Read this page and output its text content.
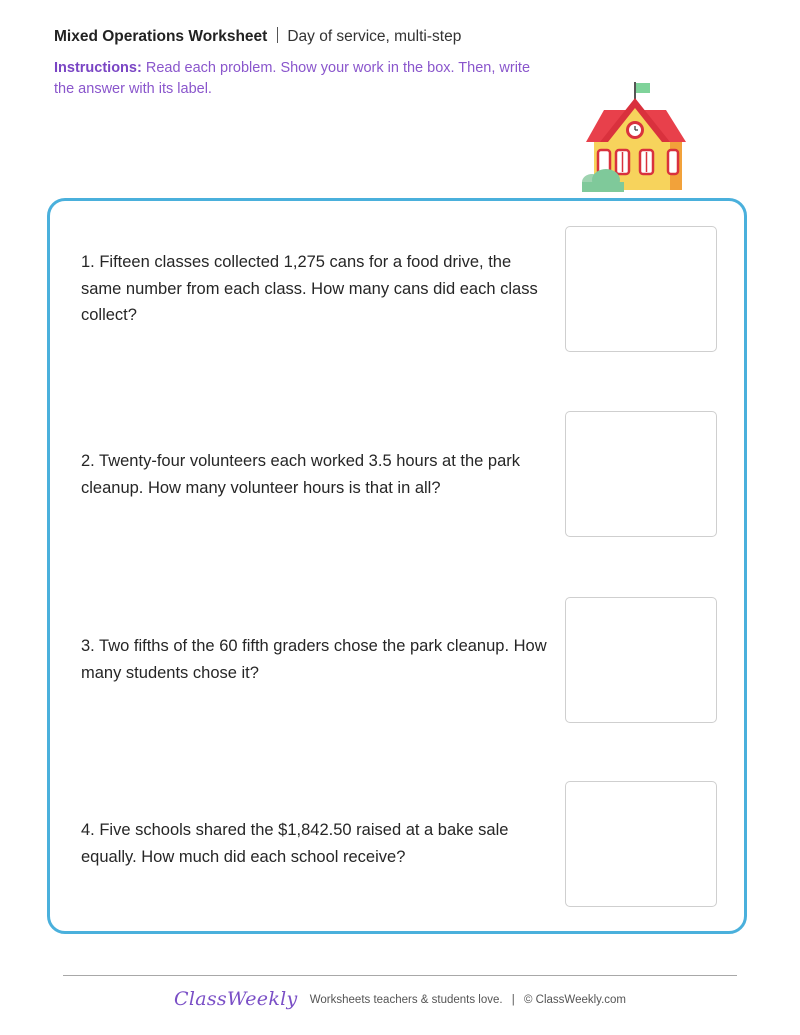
Mixed Operations Worksheet Day of service, multi-step
Instructions: Read each problem. Show your work in the box. Then, write the answer with its label.
1. Fifteen classes collected 1,275 cans for a food drive, the same number from each class. How many cans did each class collect?
2. Twenty-four volunteers each worked 3.5 hours at the park cleanup. How many volunteer hours is that in all?
3. Two fifths of the 60 fifth graders chose the park cleanup. How many students chose it?
4. Five schools shared the $1,842.50 raised at a bake sale equally. How much did each school receive?
ClassWeekly Worksheets teachers & students love. | © ClassWeekly.com
